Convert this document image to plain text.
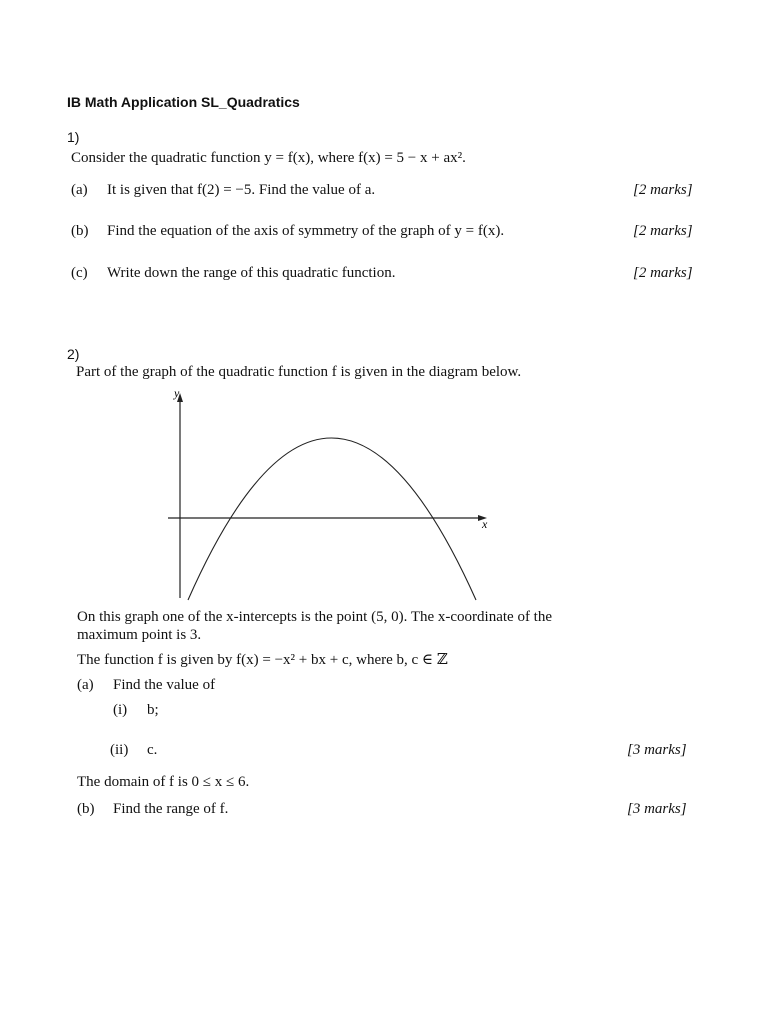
IB Math Application SL_Quadratics
1)
Consider the quadratic function y = f(x), where f(x) = 5 − x + ax².
(a) It is given that f(2) = −5. Find the value of a.	[2 marks]
(b) Find the equation of the axis of symmetry of the graph of y = f(x).	[2 marks]
(c) Write down the range of this quadratic function.	[2 marks]
2)
Part of the graph of the quadratic function f is given in the diagram below.
y
x
On this graph one of the x-intercepts is the point (5, 0). The x-coordinate of the
maximum point is 3.
The function f is given by f(x) = −x² + bx + c, where b, c ∈ ℤ
(a) Find the value of
(i) b;
(ii) c.	[3 marks]
The domain of f is 0 ≤ x ≤ 6.
(b) Find the range of f.	[3 marks]
